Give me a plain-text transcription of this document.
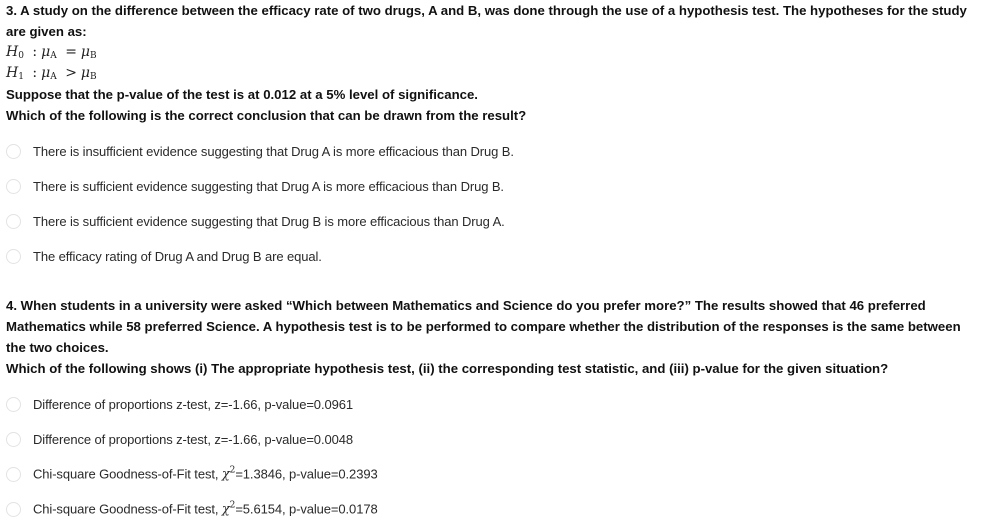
3. A study on the difference between the efficacy rate of two drugs, A and B, was done through the use of a hypothesis test. The hypotheses for the study
are given as:
$H_0$ : $\mu_A = \mu_B$
$H_1$ : $\mu_A > \mu_B$
Suppose that the p-value of the test is at 0.012 at a 5% level of significance.
Which of the following is the correct conclusion that can be drawn from the result?
There is insufficient evidence suggesting that Drug A is more efficacious than Drug B.
There is sufficient evidence suggesting that Drug A is more efficacious than Drug B.
There is sufficient evidence suggesting that Drug B is more efficacious than Drug A.
The efficacy rating of Drug A and Drug B are equal.
4. When students in a university were asked “Which between Mathematics and Science do you prefer more?” The results showed that 46 preferred
Mathematics while 58 preferred Science. A hypothesis test is to be performed to compare whether the distribution of the responses is the same between
the two choices.
Which of the following shows (i) The appropriate hypothesis test, (ii) the corresponding test statistic, and (iii) p-value for the given situation?
Difference of proportions z-test, z=-1.66, p-value=0.0961
Difference of proportions z-test, z=-1.66, p-value=0.0048
Chi-square Goodness-of-Fit test, $\chi^2=1.3846$, p-value=0.2393
Chi-square Goodness-of-Fit test, $\chi^2=5.6154$, p-value=0.0178
